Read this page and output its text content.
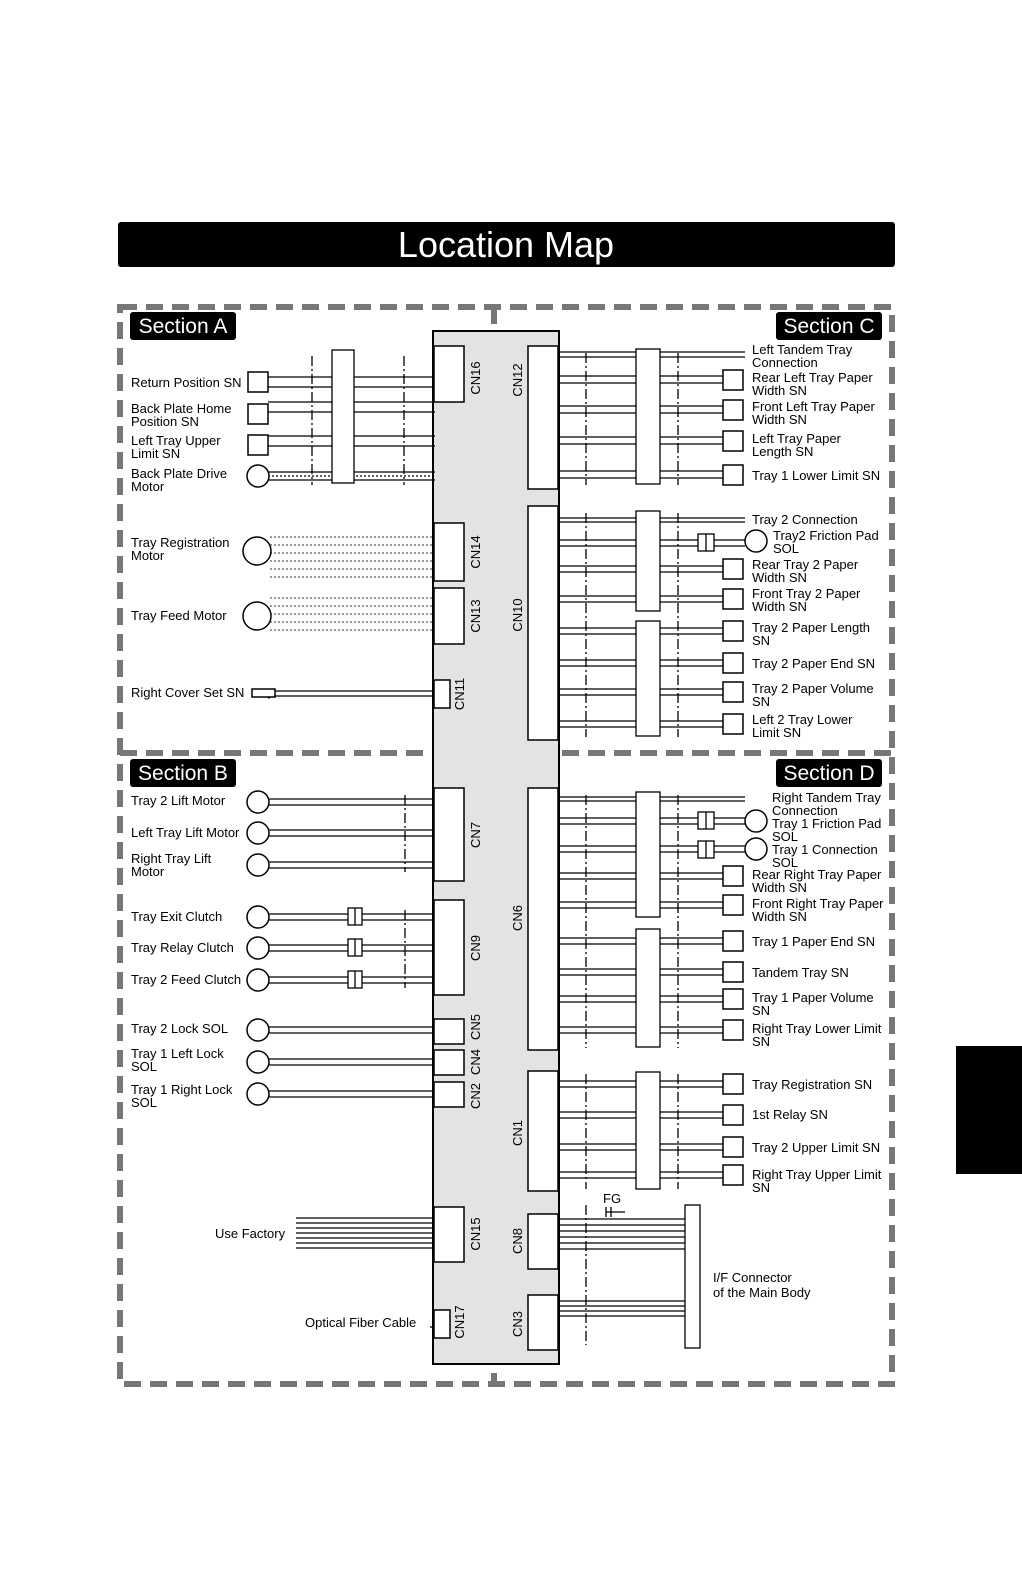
Location Map
Section A	Section C
Section B	Section D
CN16
CN14
CN13
CN11
CN7
CN9
CN5
CN4
CN2
CN15
CN17
CN12
CN10
CN6
CN1
CN8
CN3
Return Position SN
Back Plate Home Position SN
Left Tray Upper Limit SN
Back Plate Drive Motor
Tray Registration Motor
Tray Feed Motor
Right Cover Set SN
Tray 2 Lift Motor
Left Tray Lift Motor
Right Tray Lift Motor
Tray Exit Clutch
Tray Relay Clutch
Tray 2 Feed Clutch
Tray 2 Lock SOL
Tray 1 Left Lock SOL
Tray 1 Right Lock SOL
Use Factory
Optical Fiber Cable
Left Tandem Tray Connection
Rear Left Tray Paper Width SN
Front Left Tray Paper Width SN
Left Tray Paper Length SN
Tray 1 Lower Limit SN
Tray 2 Connection
Tray2 Friction Pad SOL
Rear Tray 2 Paper Width SN
Front Tray 2 Paper Width SN
Tray 2 Paper Length SN
Tray 2 Paper End SN
Tray 2 Paper Volume SN
Left 2 Tray Lower Limit SN
Right Tandem Tray Connection
Tray 1 Friction Pad SOL
Tray 1 Connection SOL
Rear Right Tray Paper Width SN
Front Right Tray Paper Width SN
Tray 1 Paper End SN
Tandem Tray SN
Tray 1 Paper Volume SN
Right Tray Lower Limit SN
Tray Registration SN
1st Relay SN
Tray 2 Upper Limit SN
Right Tray Upper Limit SN
FG
I/F Connector of the Main Body
